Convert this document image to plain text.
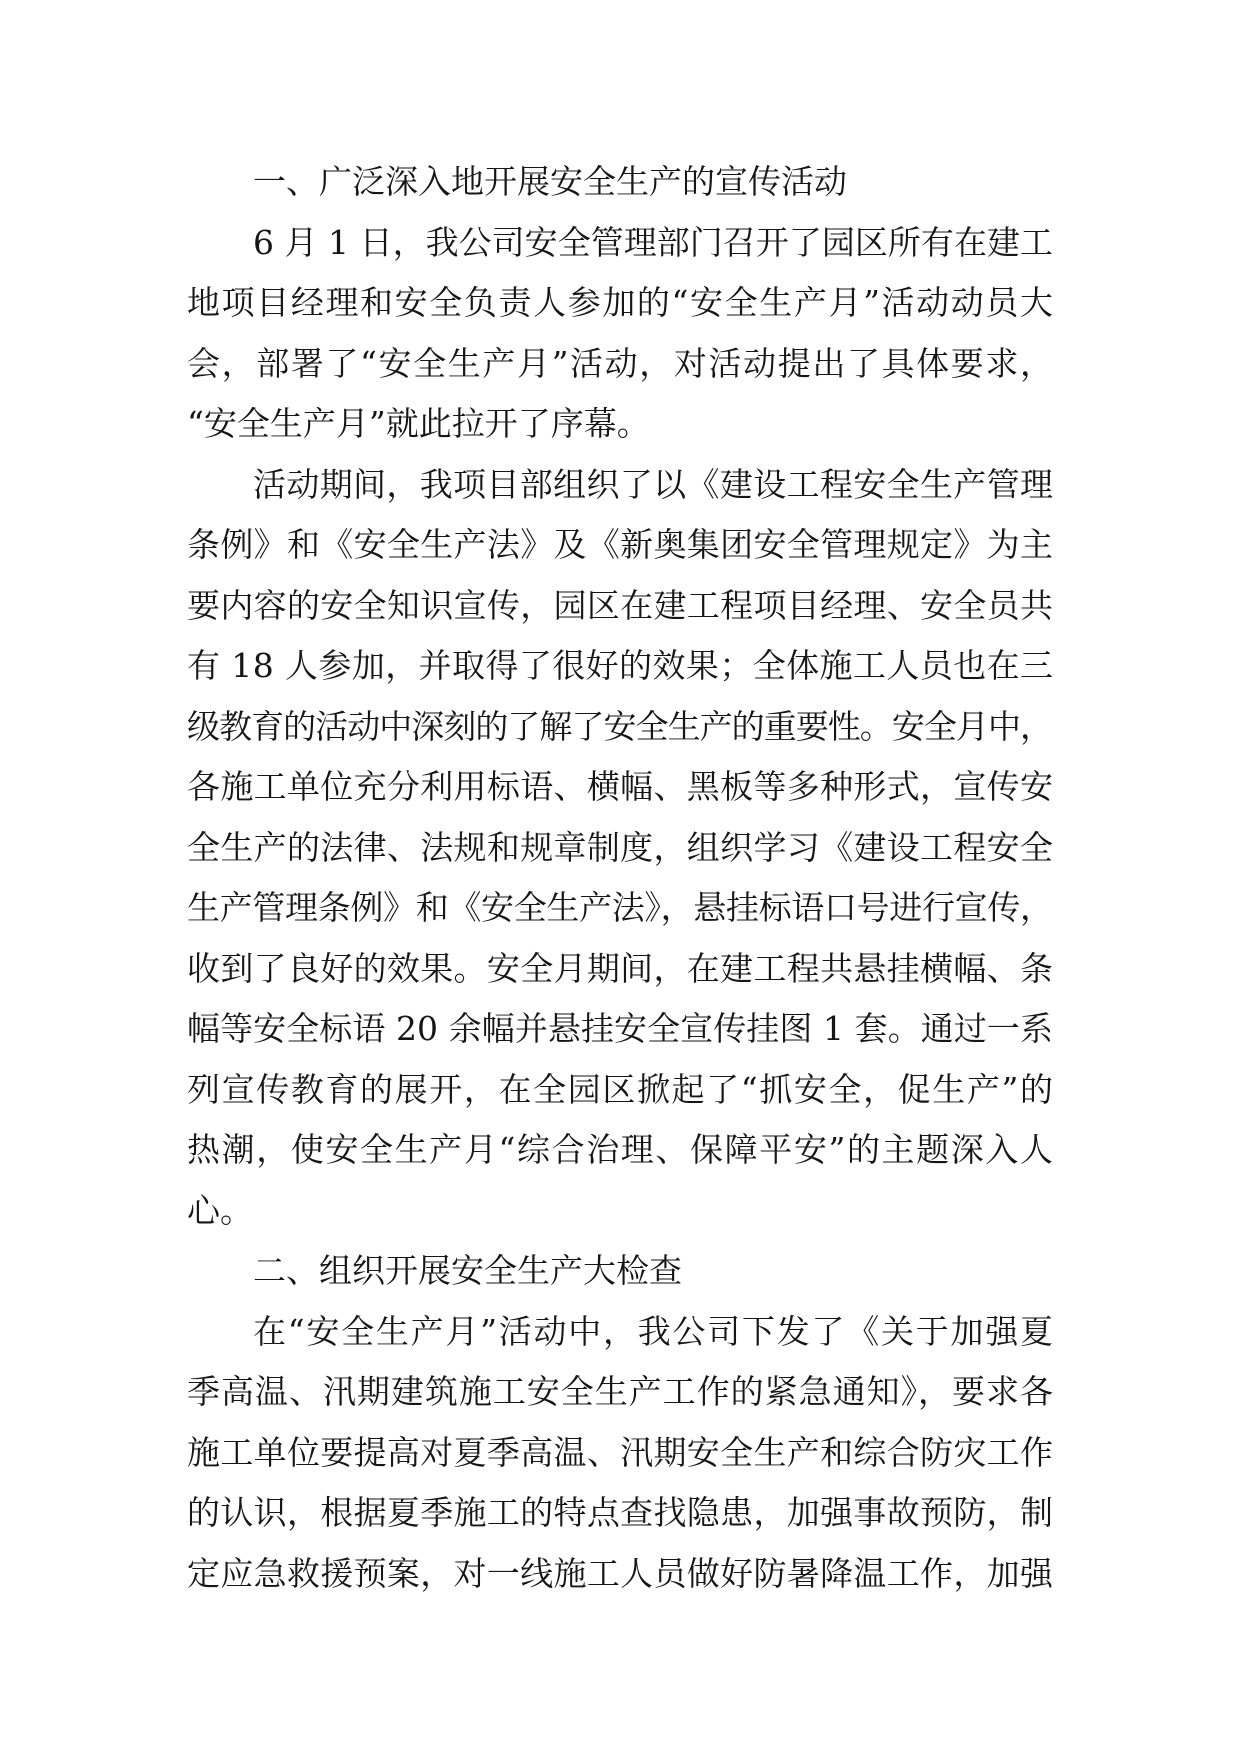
一、广泛深入地开展安全生产的宣传活动
6 月 1 日，我公司安全管理部门召开了园区所有在建工
地项目经理和安全负责人参加的“安全生产月”活动动员大
会，部署了“安全生产月”活动，对活动提出了具体要求，
“安全生产月”就此拉开了序幕。
活动期间，我项目部组织了以《建设工程安全生产管理
条例》和《安全生产法》及《新奥集团安全管理规定》为主
要内容的安全知识宣传，园区在建工程项目经理、安全员共
有 18 人参加，并取得了很好的效果；全体施工人员也在三
级教育的活动中深刻的了解了安全生产的重要性。安全月中，
各施工单位充分利用标语、横幅、黑板等多种形式，宣传安
全生产的法律、法规和规章制度，组织学习《建设工程安全
生产管理条例》和《安全生产法》，悬挂标语口号进行宣传，
收到了良好的效果。安全月期间，在建工程共悬挂横幅、条
幅等安全标语 20 余幅并悬挂安全宣传挂图 1 套。通过一系
列宣传教育的展开，在全园区掀起了“抓安全，促生产”的
热潮，使安全生产月“综合治理、保障平安”的主题深入人
心。
二、组织开展安全生产大检查
在“安全生产月”活动中，我公司下发了《关于加强夏
季高温、汛期建筑施工安全生产工作的紧急通知》，要求各
施工单位要提高对夏季高温、汛期安全生产和综合防灾工作
的认识，根据夏季施工的特点查找隐患，加强事故预防，制
定应急救援预案，对一线施工人员做好防暑降温工作，加强
